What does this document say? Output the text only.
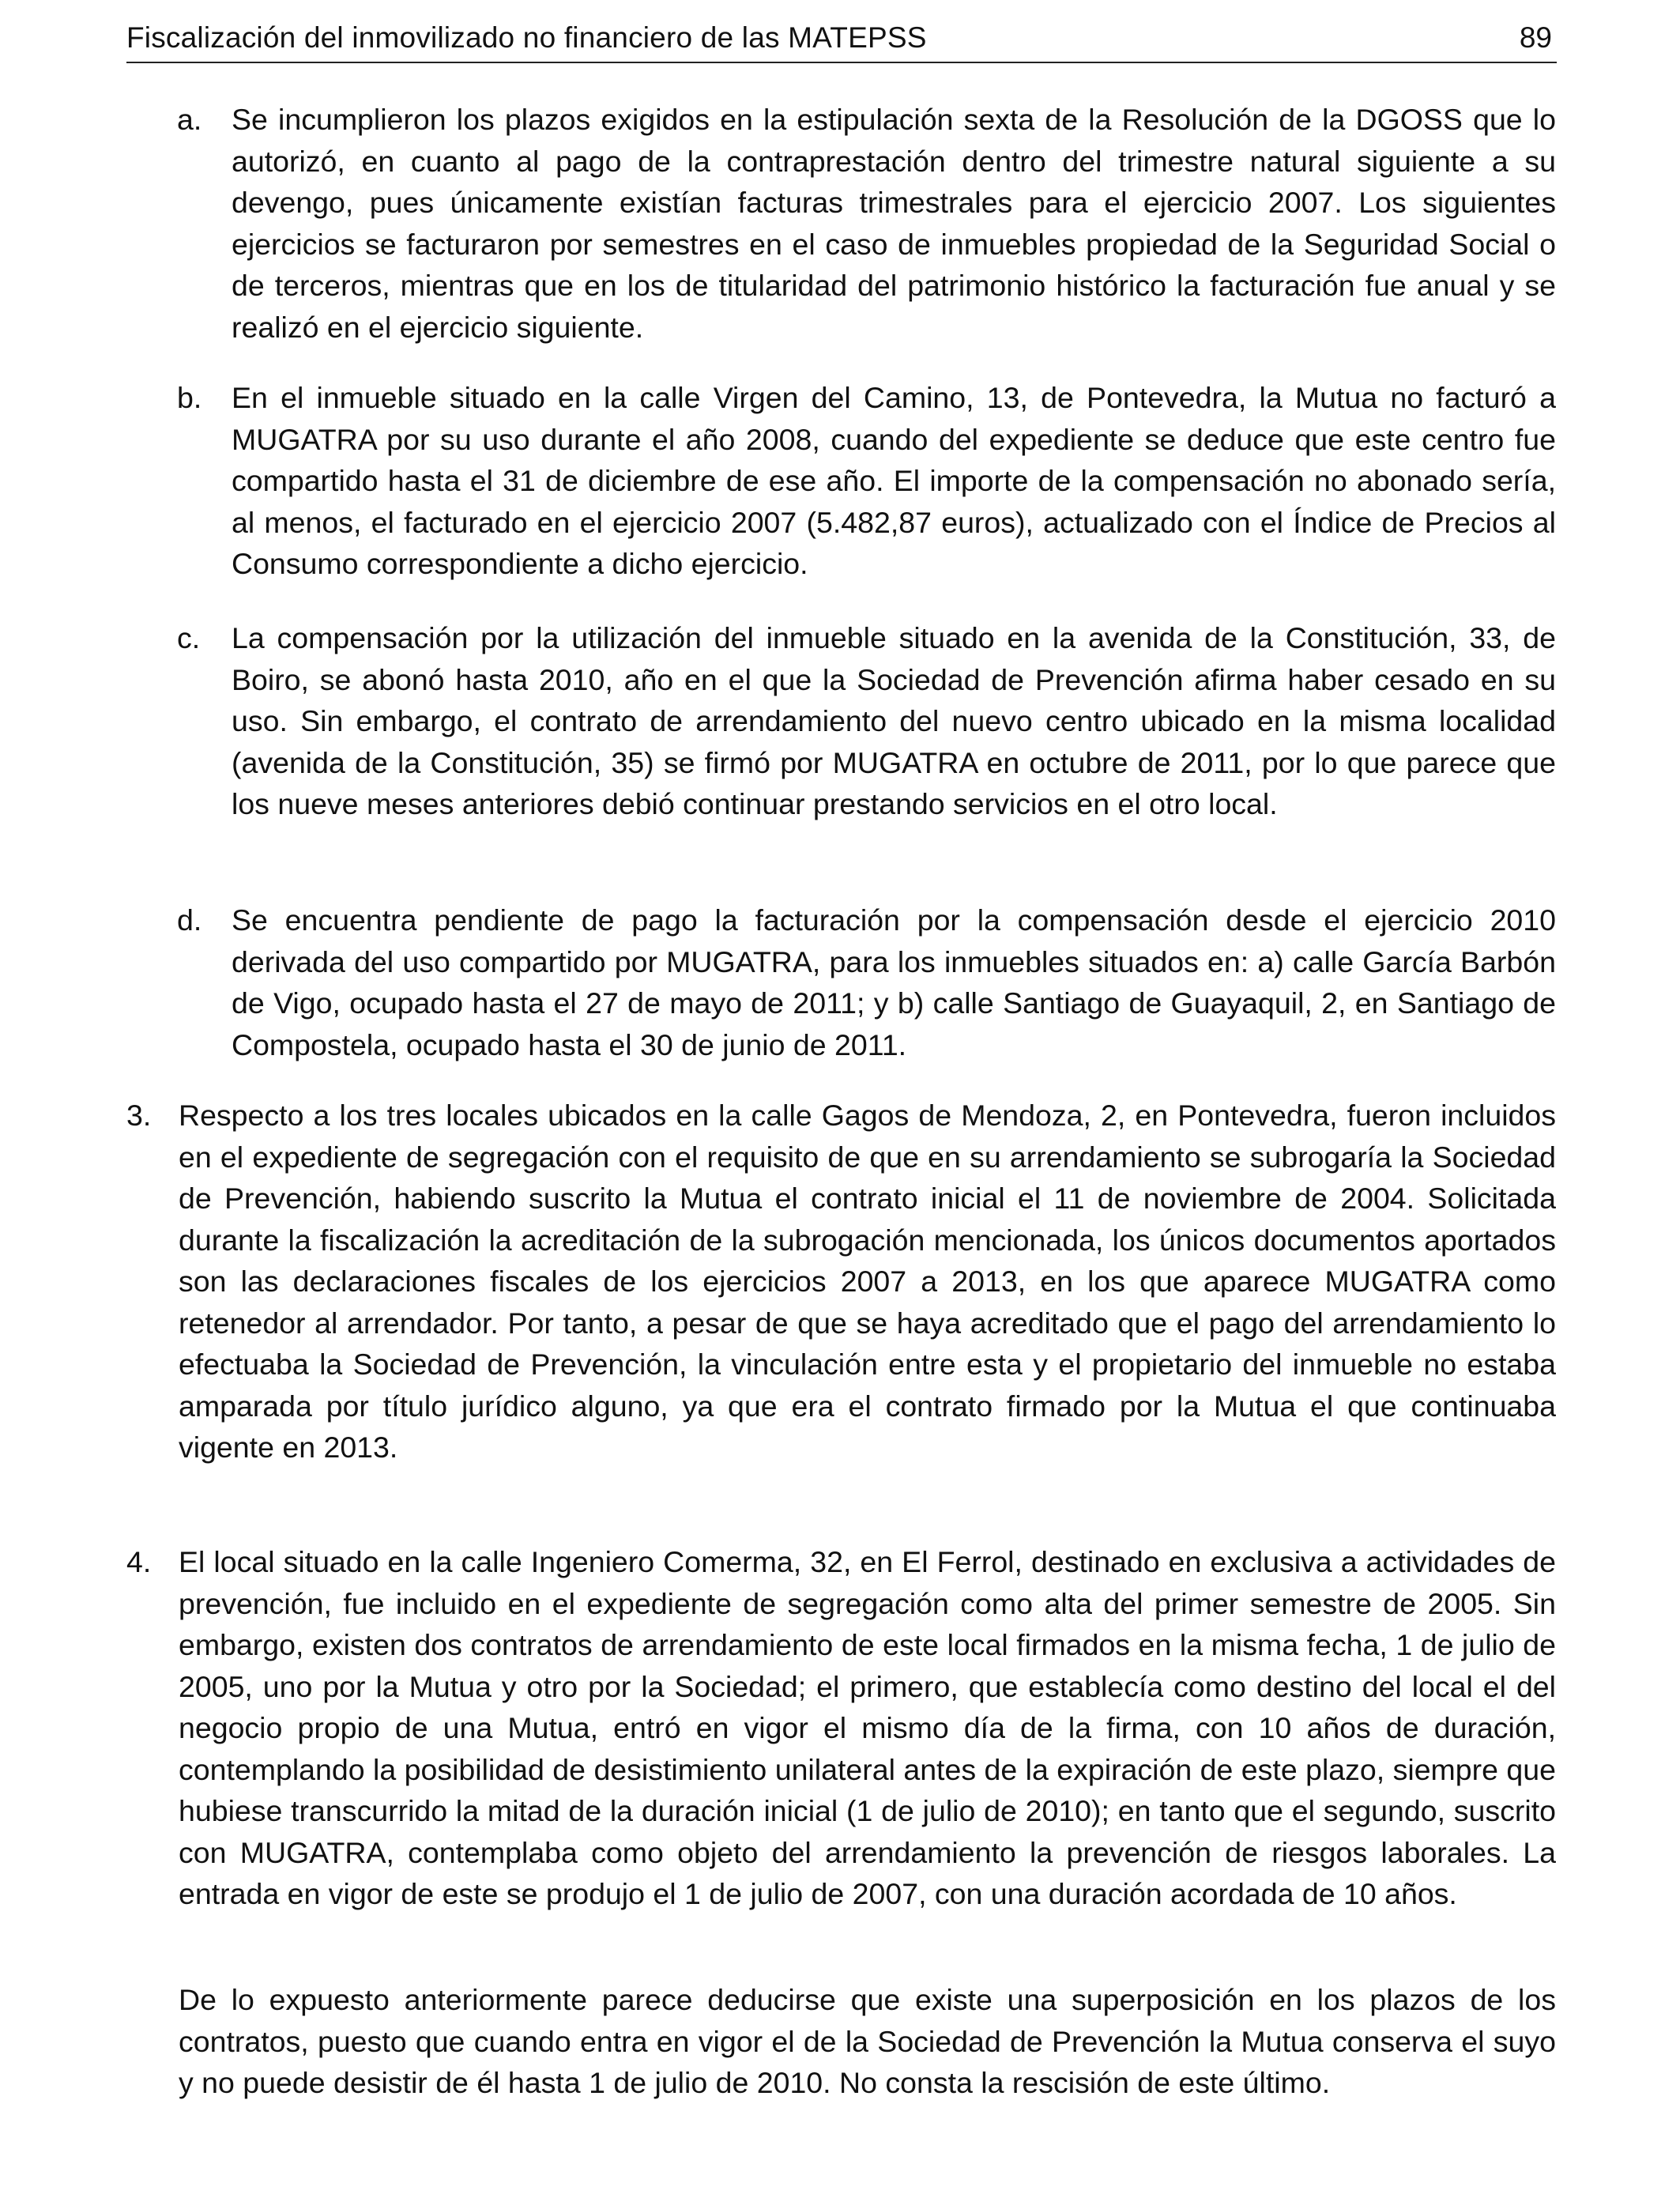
Fiscalización del inmovilizado no financiero de las MATEPSS	89
a. Se incumplieron los plazos exigidos en la estipulación sexta de la Resolución de la DGOSS que lo autorizó, en cuanto al pago de la contraprestación dentro del trimestre natural siguiente a su devengo, pues únicamente existían facturas trimestrales para el ejercicio 2007. Los siguientes ejercicios se facturaron por semestres en el caso de inmuebles propiedad de la Seguridad Social o de terceros, mientras que en los de titularidad del patrimonio histórico la facturación fue anual y se realizó en el ejercicio siguiente.

b. En el inmueble situado en la calle Virgen del Camino, 13, de Pontevedra, la Mutua no facturó a MUGATRA por su uso durante el año 2008, cuando del expediente se deduce que este centro fue compartido hasta el 31 de diciembre de ese año. El importe de la compensación no abonado sería, al menos, el facturado en el ejercicio 2007 (5.482,87 euros), actualizado con el Índice de Precios al Consumo correspondiente a dicho ejercicio.

c. La compensación por la utilización del inmueble situado en la avenida de la Constitución, 33, de Boiro, se abonó hasta 2010, año en el que la Sociedad de Prevención afirma haber cesado en su uso. Sin embargo, el contrato de arrendamiento del nuevo centro ubicado en la misma localidad (avenida de la Constitución, 35) se firmó por MUGATRA en octubre de 2011, por lo que parece que los nueve meses anteriores debió continuar prestando servicios en el otro local.

d. Se encuentra pendiente de pago la facturación por la compensación desde el ejercicio 2010 derivada del uso compartido por MUGATRA, para los inmuebles situados en: a) calle García Barbón de Vigo, ocupado hasta el 27 de mayo de 2011; y b) calle Santiago de Guayaquil, 2, en Santiago de Compostela, ocupado hasta el 30 de junio de 2011.

3. Respecto a los tres locales ubicados en la calle Gagos de Mendoza, 2, en Pontevedra, fueron incluidos en el expediente de segregación con el requisito de que en su arrendamiento se subrogaría la Sociedad de Prevención, habiendo suscrito la Mutua el contrato inicial el 11 de noviembre de 2004. Solicitada durante la fiscalización la acreditación de la subrogación mencionada, los únicos documentos aportados son las declaraciones fiscales de los ejercicios 2007 a 2013, en los que aparece MUGATRA como retenedor al arrendador. Por tanto, a pesar de que se haya acreditado que el pago del arrendamiento lo efectuaba la Sociedad de Prevención, la vinculación entre esta y el propietario del inmueble no estaba amparada por título jurídico alguno, ya que era el contrato firmado por la Mutua el que continuaba vigente en 2013.

4. El local situado en la calle Ingeniero Comerma, 32, en El Ferrol, destinado en exclusiva a actividades de prevención, fue incluido en el expediente de segregación como alta del primer semestre de 2005. Sin embargo, existen dos contratos de arrendamiento de este local firmados en la misma fecha, 1 de julio de 2005, uno por la Mutua y otro por la Sociedad; el primero, que establecía como destino del local el del negocio propio de una Mutua, entró en vigor el mismo día de la firma, con 10 años de duración, contemplando la posibilidad de desistimiento unilateral antes de la expiración de este plazo, siempre que hubiese transcurrido la mitad de la duración inicial (1 de julio de 2010); en tanto que el segundo, suscrito con MUGATRA, contemplaba como objeto del arrendamiento la prevención de riesgos laborales. La entrada en vigor de este se produjo el 1 de julio de 2007, con una duración acordada de 10 años.

De lo expuesto anteriormente parece deducirse que existe una superposición en los plazos de los contratos, puesto que cuando entra en vigor el de la Sociedad de Prevención la Mutua conserva el suyo y no puede desistir de él hasta 1 de julio de 2010. No consta la rescisión de este último.
